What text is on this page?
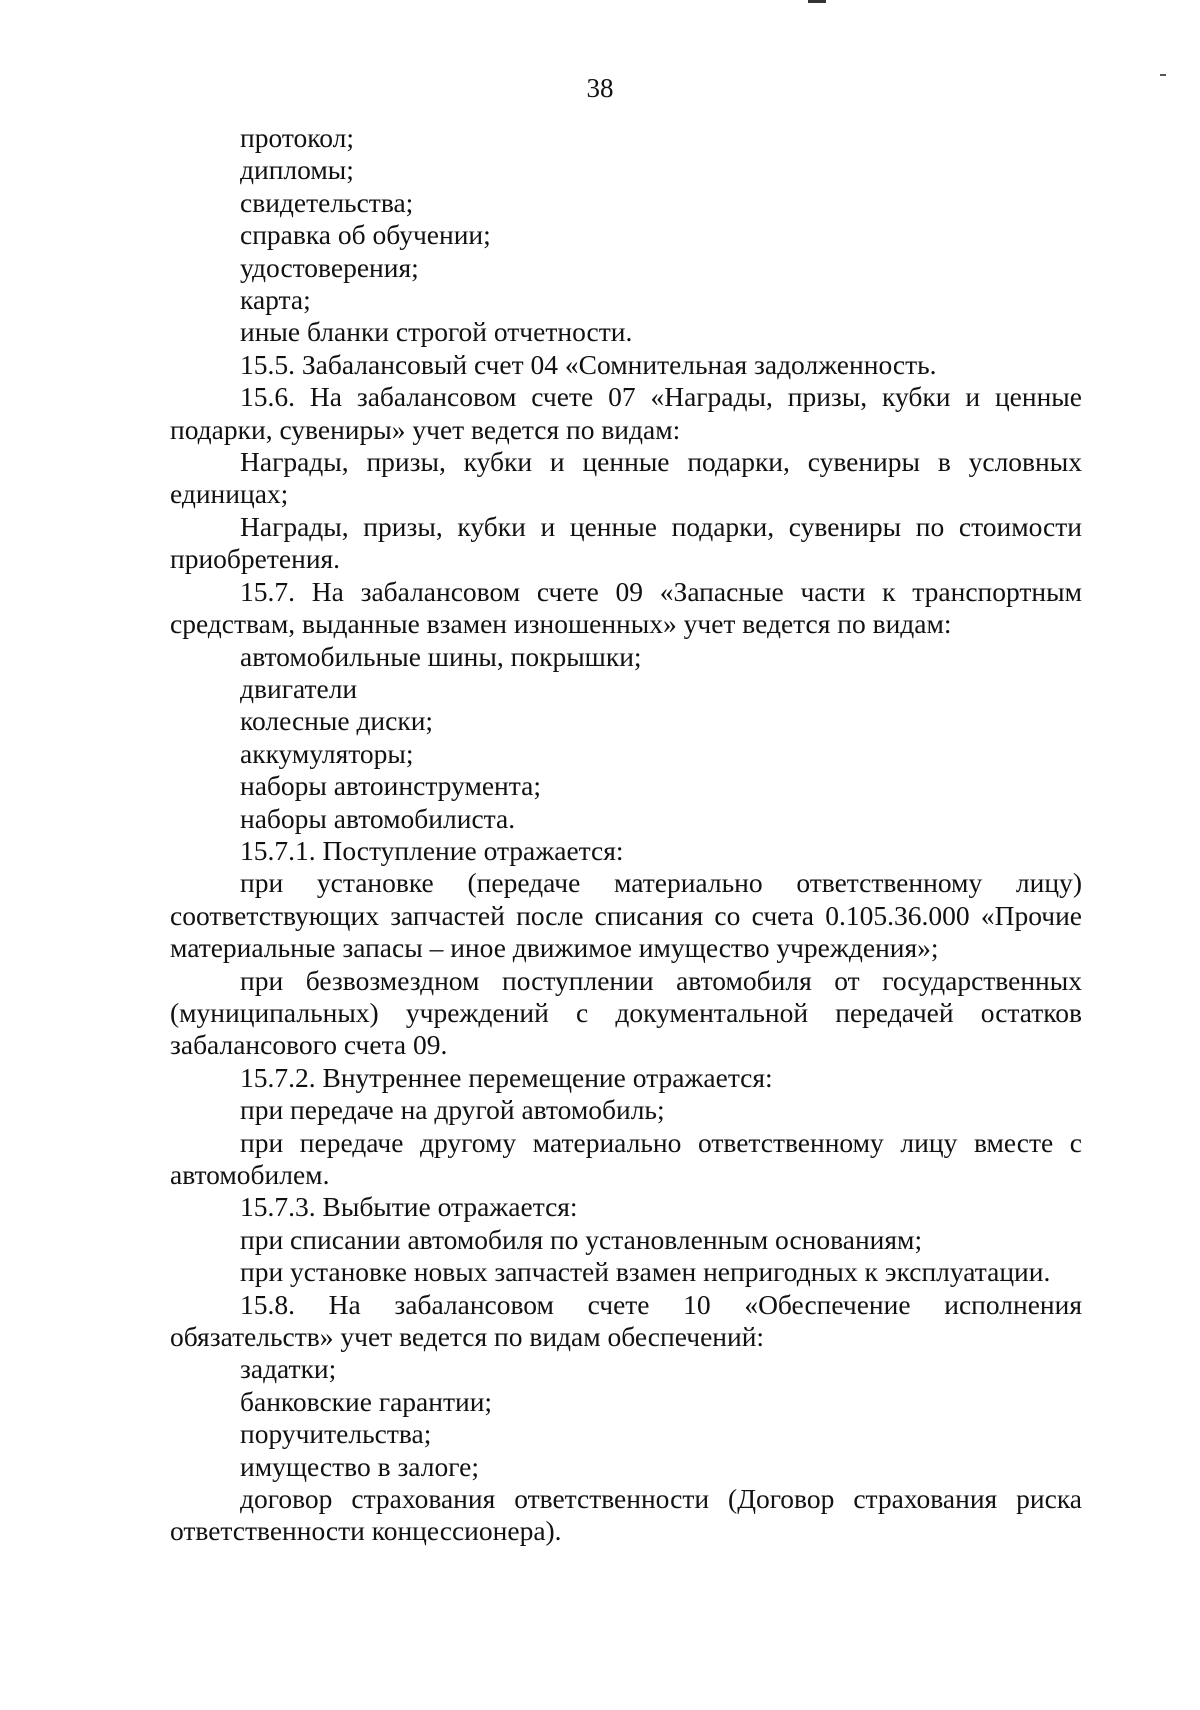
38

протокол;

дипломы;

свидетельства;

справка об обучении;

удостоверения;

карта;

иные бланки строгой отчетности.

15.5. Забалансовый счет 04 «Сомнительная задолженность.

15.6. На забалансовом счете 07 «Награды, призы, кубки и ценные подарки, сувениры» учет ведется по видам:

Награды, призы, кубки и ценные подарки, сувениры в условных единицах;

Награды, призы, кубки и ценные подарки, сувениры по стоимости приобретения.

15.7. На забалансовом счете 09 «Запасные части к транспортным средствам, выданные взамен изношенных» учет ведется по видам:

автомобильные шины, покрышки;

двигатели

колесные диски;

аккумуляторы;

наборы автоинструмента;

наборы автомобилиста.

15.7.1. Поступление отражается:

при установке (передаче материально ответственному лицу) соответствующих запчастей после списания со счета 0.105.36.000 «Прочие материальные запасы – иное движимое имущество учреждения»;

при безвозмездном поступлении автомобиля от государственных (муниципальных) учреждений с документальной передачей остатков забалансового счета 09.

15.7.2. Внутреннее перемещение отражается:

при передаче на другой автомобиль;

при передаче другому материально ответственному лицу вместе с автомобилем.

15.7.3. Выбытие отражается:

при списании автомобиля по установленным основаниям;

при установке новых запчастей взамен непригодных к эксплуатации.

15.8. На забалансовом счете 10 «Обеспечение исполнения обязательств» учет ведется по видам обеспечений:

задатки;

банковские гарантии;

поручительства;

имущество в залоге;

договор страхования ответственности (Договор страхования риска ответственности концессионера).
